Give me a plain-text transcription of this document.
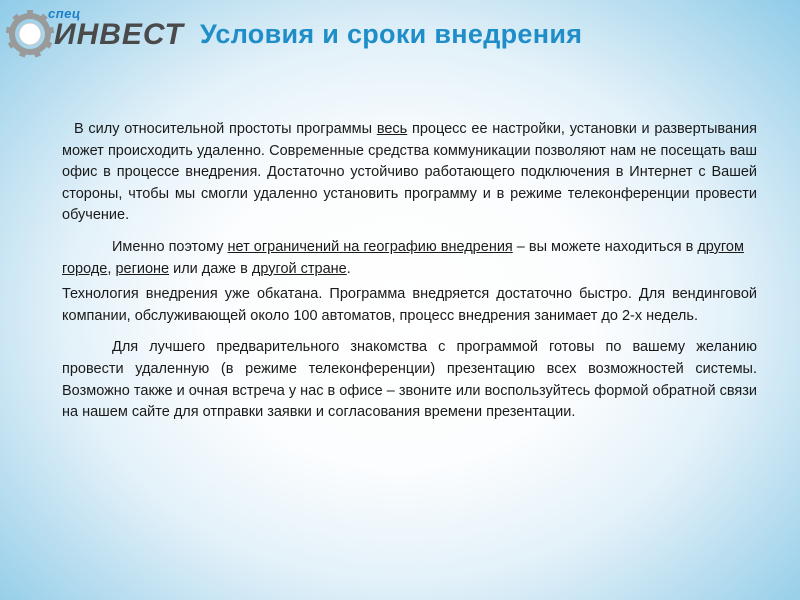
спец
ИНВЕСТ Условия и сроки внедрения

В силу относительной простоты программы весь процесс ее настройки, установки и развертывания может происходить удаленно. Современные средства коммуникации позволяют нам не посещать ваш офис в процессе внедрения. Достаточно устойчиво работающего подключения в Интернет с Вашей стороны, чтобы мы смогли удаленно установить программу и в режиме телеконференции провести обучение.

Именно поэтому нет ограничений на географию внедрения – вы можете находиться в другом городе, регионе или даже в другой стране.

Технология внедрения уже обкатана. Программа внедряется достаточно быстро. Для вендинговой компании, обслуживающей около 100 автоматов, процесс внедрения занимает до 2-х недель.

Для лучшего предварительного знакомства с программой готовы по вашему желанию провести удаленную (в режиме телеконференции) презентацию всех возможностей системы. Возможно также и очная встреча у нас в офисе – звоните или воспользуйтесь формой обратной связи на нашем сайте для отправки заявки и согласования времени презентации.
